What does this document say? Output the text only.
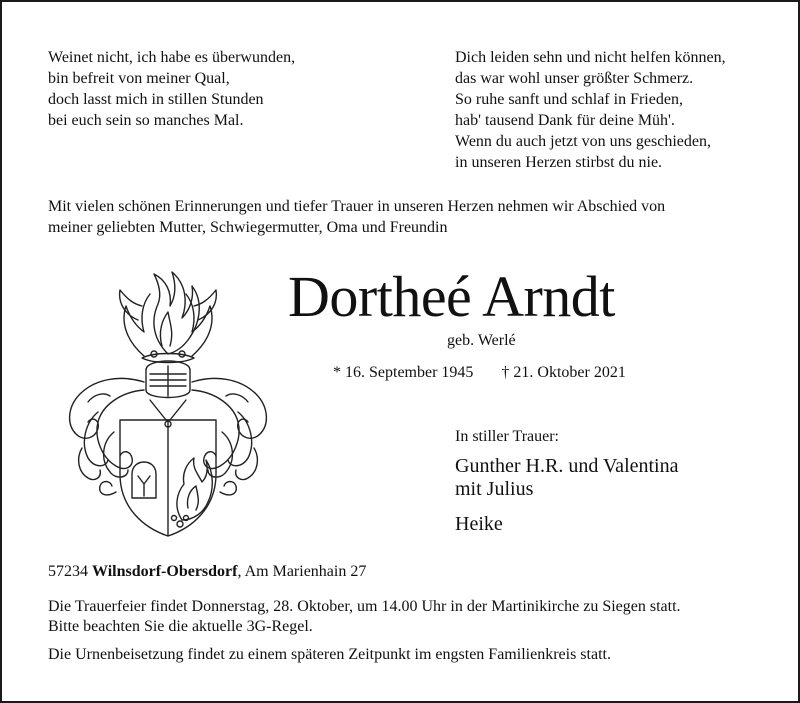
Weinet nicht, ich habe es überwunden,
bin befreit von meiner Qual,
doch lasst mich in stillen Stunden
bei euch sein so manches Mal.
Dich leiden sehn und nicht helfen können,
das war wohl unser größter Schmerz.
So ruhe sanft und schlaf in Frieden,
hab' tausend Dank für deine Müh'.
Wenn du auch jetzt von uns geschieden,
in unseren Herzen stirbst du nie.
Mit vielen schönen Erinnerungen und tiefer Trauer in unseren Herzen nehmen wir Abschied von
meiner geliebten Mutter, Schwiegermutter, Oma und Freundin
Dortheé Arndt
geb. Werlé
* 16. September 1945 † 21. Oktober 2021
In stiller Trauer:
Gunther H.R. und Valentina
mit Julius
Heike
57234 Wilnsdorf-Obersdorf, Am Marienhain 27
Die Trauerfeier findet Donnerstag, 28. Oktober, um 14.00 Uhr in der Martinikirche zu Siegen statt.
Bitte beachten Sie die aktuelle 3G-Regel.
Die Urnenbeisetzung findet zu einem späteren Zeitpunkt im engsten Familienkreis statt.
